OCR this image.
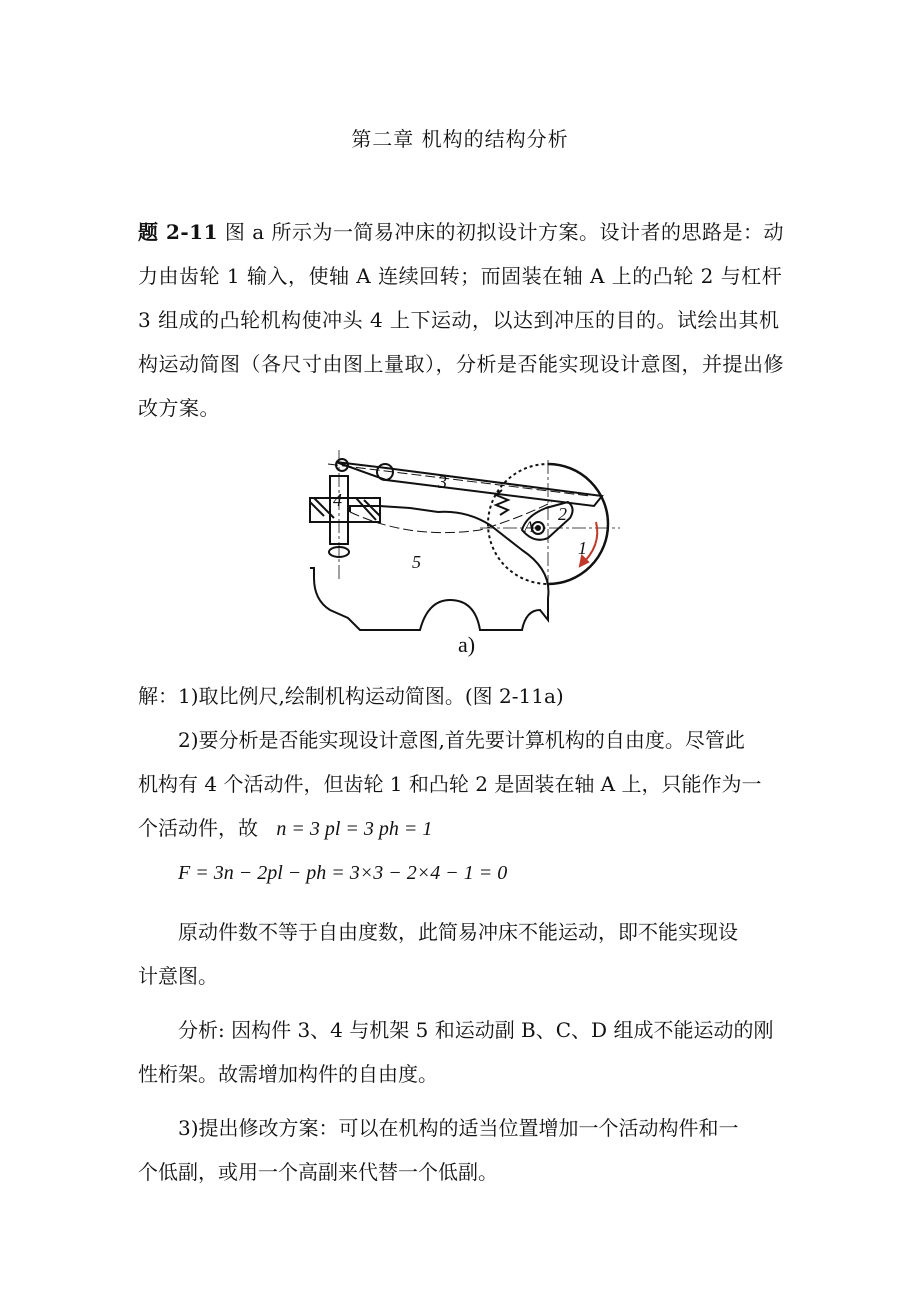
第二章 机构的结构分析
题 2-11 图 a 所示为一简易冲床的初拟设计方案。设计者的思路是：动力由齿轮 1 输入，使轴 A 连续回转；而固装在轴 A 上的凸轮 2 与杠杆 3 组成的凸轮机构使冲头 4 上下运动，以达到冲压的目的。试绘出其机构运动简图（各尺寸由图上量取），分析是否能实现设计意图，并提出修改方案。
3
4
5
2
A
1
a)
解：1)取比例尺,绘制机构运动简图。(图 2-11a)
2)要分析是否能实现设计意图,首先要计算机构的自由度。尽管此
机构有 4 个活动件，但齿轮 1 和凸轮 2 是固装在轴 A 上，只能作为一
个活动件，故 n = 3 pl = 3 ph = 1
F = 3n − 2pl − ph = 3×3 − 2×4 − 1 = 0
原动件数不等于自由度数，此简易冲床不能运动，即不能实现设
计意图。
分析: 因构件 3、4 与机架 5 和运动副 B、C、D 组成不能运动的刚
性桁架。故需增加构件的自由度。
3)提出修改方案：可以在机构的适当位置增加一个活动构件和一
个低副，或用一个高副来代替一个低副。
